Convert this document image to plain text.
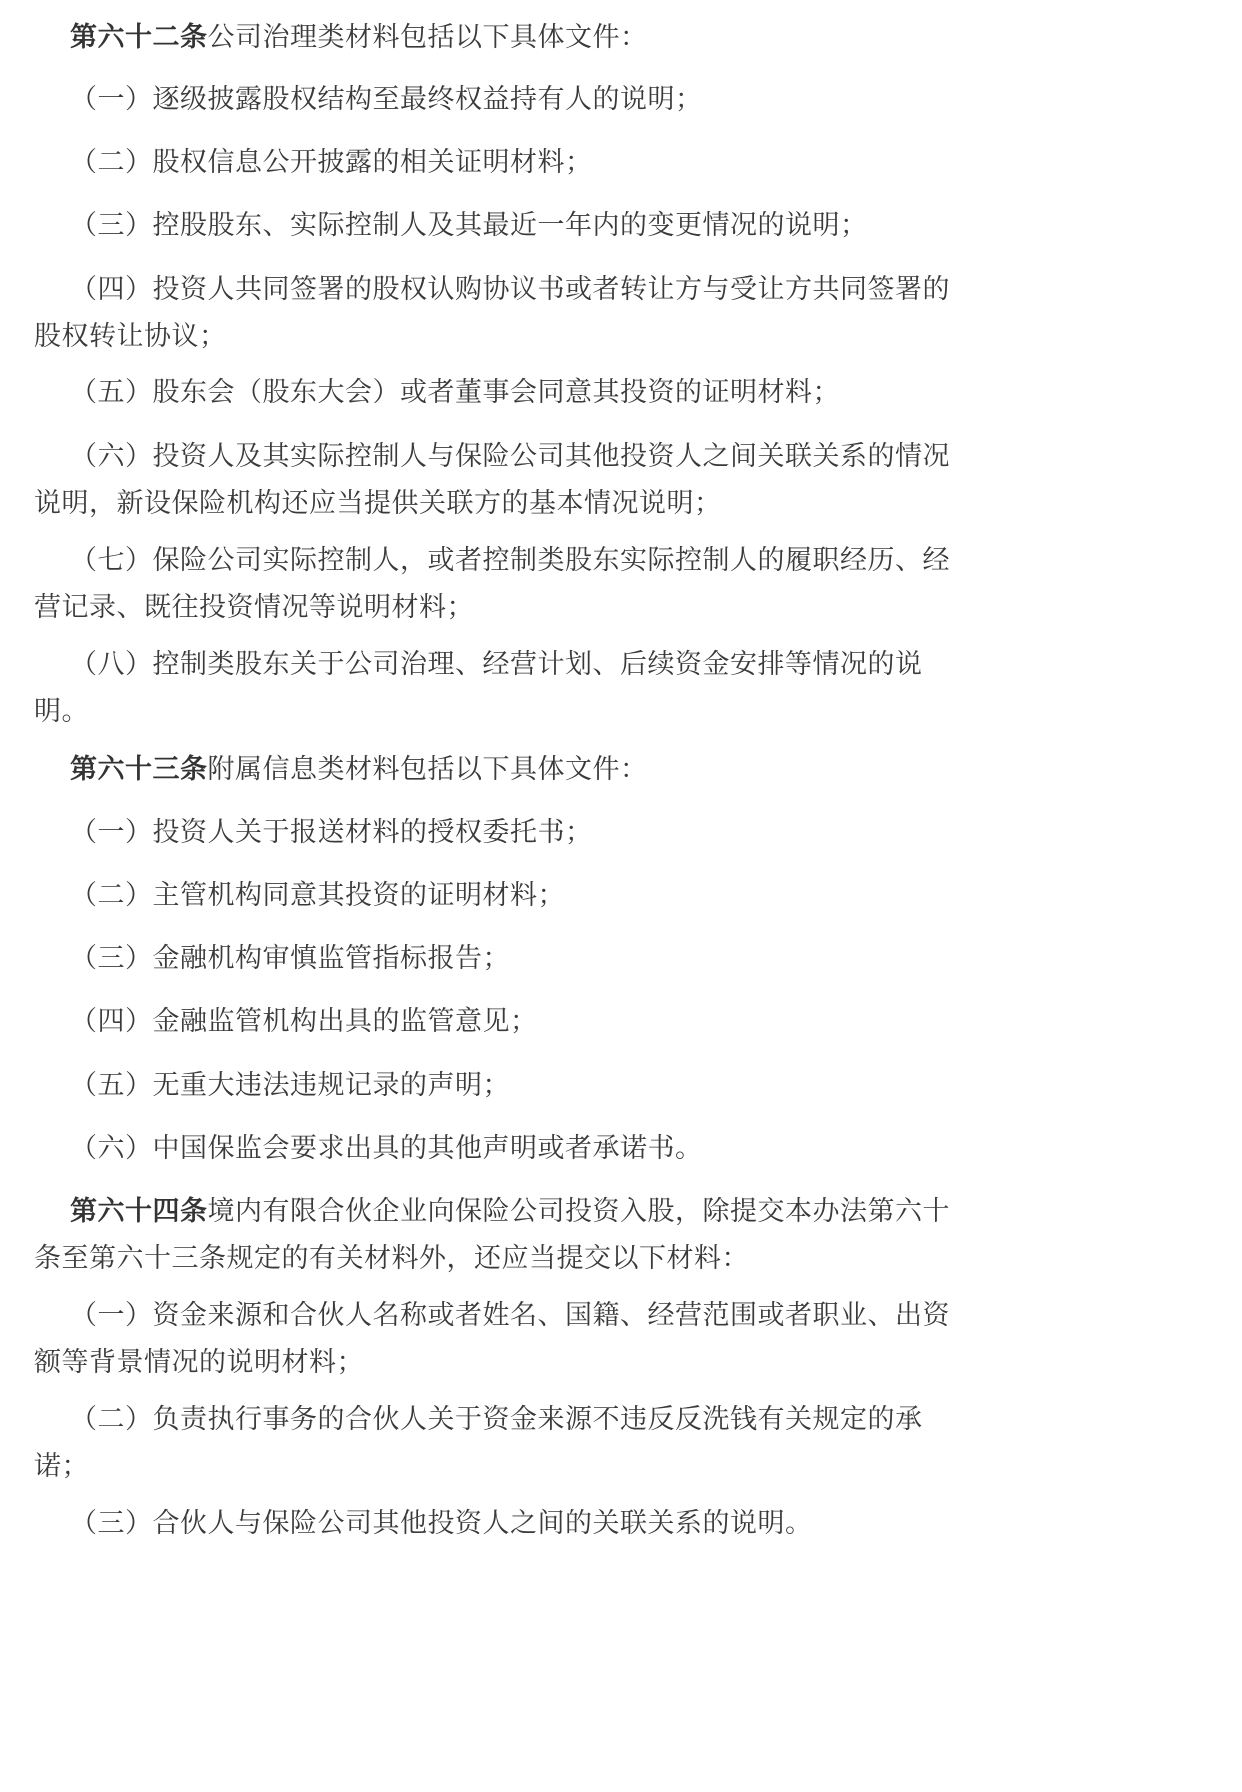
第六十二条公司治理类材料包括以下具体文件：

（一）逐级披露股权结构至最终权益持有人的说明；

（二）股权信息公开披露的相关证明材料；

（三）控股股东、实际控制人及其最近一年内的变更情况的说明；

（四）投资人共同签署的股权认购协议书或者转让方与受让方共同签署的股权转让协议；

（五）股东会（股东大会）或者董事会同意其投资的证明材料；

（六）投资人及其实际控制人与保险公司其他投资人之间关联关系的情况说明，新设保险机构还应当提供关联方的基本情况说明；

（七）保险公司实际控制人，或者控制类股东实际控制人的履职经历、经营记录、既往投资情况等说明材料；

（八）控制类股东关于公司治理、经营计划、后续资金安排等情况的说明。

第六十三条附属信息类材料包括以下具体文件：

（一）投资人关于报送材料的授权委托书；

（二）主管机构同意其投资的证明材料；

（三）金融机构审慎监管指标报告；

（四）金融监管机构出具的监管意见；

（五）无重大违法违规记录的声明；

（六）中国保监会要求出具的其他声明或者承诺书。

第六十四条境内有限合伙企业向保险公司投资入股，除提交本办法第六十条至第六十三条规定的有关材料外，还应当提交以下材料：

（一）资金来源和合伙人名称或者姓名、国籍、经营范围或者职业、出资额等背景情况的说明材料；

（二）负责执行事务的合伙人关于资金来源不违反反洗钱有关规定的承诺；

（三）合伙人与保险公司其他投资人之间的关联关系的说明。
